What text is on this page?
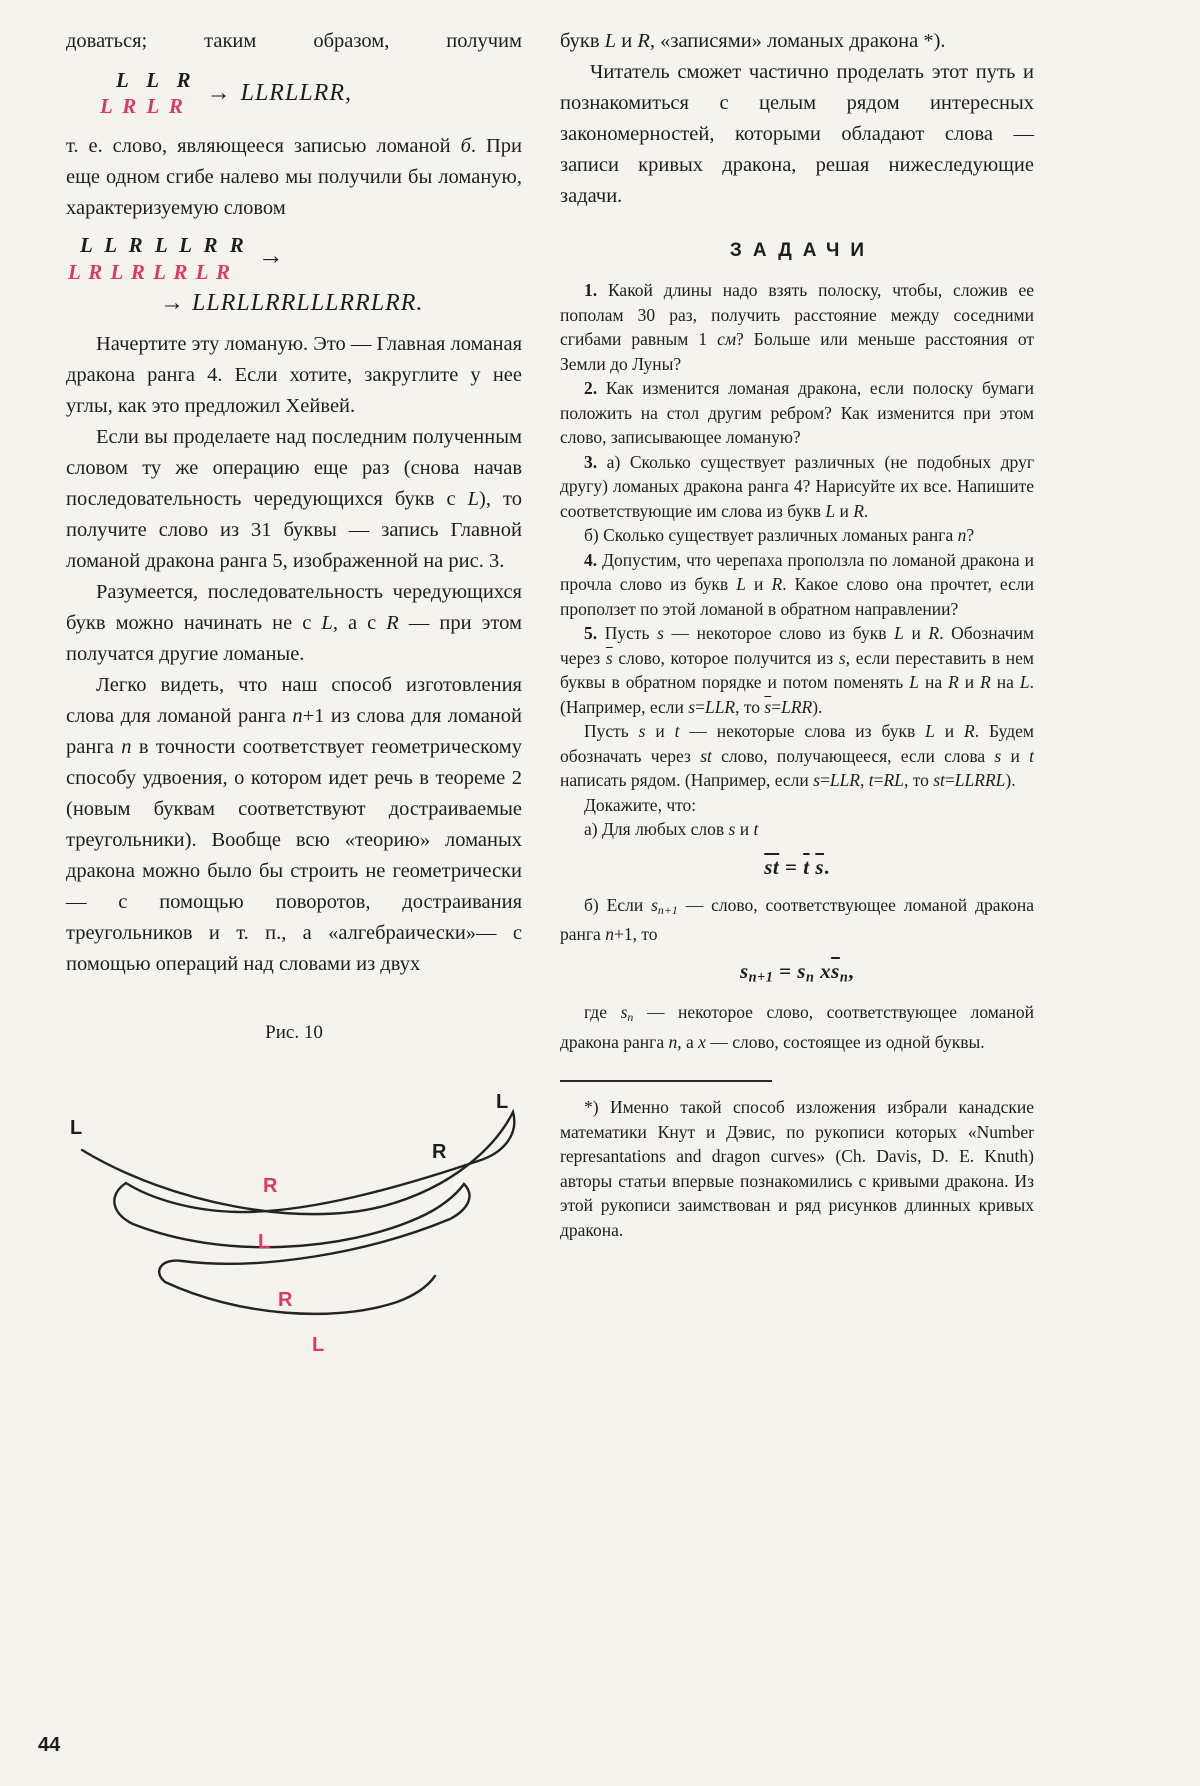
доваться; таким образом, получим

L L R
L R L R
→ LLRLLRR,

т. е. слово, являющееся записью ломаной б. При еще одном сгибе налево мы получили бы ломаную, характеризуемую словом

L L R L L R R
L R L R L R L R
→
→ LLRLLRRLLLRRLRR.

Начертите эту ломаную. Это — Главная ломаная дракона ранга 4. Если хотите, закруглите у нее углы, как это предложил Хейвей.

Если вы проделаете над последним полученным словом ту же операцию еще раз (снова начав последовательность чередующихся букв с L), то получите слово из 31 буквы — запись Главной ломаной дракона ранга 5, изображенной на рис. 3.

Разумеется, последовательность чередующихся букв можно начинать не с L, а с R — при этом получатся другие ломаные.

Легко видеть, что наш способ изготовления слова для ломаной ранга n+1 из слова для ломаной ранга n в точности соответствует геометрическому способу удвоения, о котором идет речь в теореме 2 (новым буквам соответствуют достраиваемые треугольники). Вообще всю «теорию» ломаных дракона можно было бы строить не геометрически — с помощью поворотов, достраивания треугольников и т. п., а «алгебраически»— с помощью операций над словами из двух

Рис. 10
L
L
R
R
L
R
L

букв L и R, «записями» ломаных дракона *).

Читатель сможет частично проделать этот путь и познакомиться с целым рядом интересных закономерностей, которыми обладают слова — записи кривых дракона, решая нижеследующие задачи.

ЗАДАЧИ

1. Какой длины надо взять полоску, чтобы, сложив ее пополам 30 раз, получить расстояние между соседними сгибами равным 1 см? Больше или меньше расстояния от Земли до Луны?

2. Как изменится ломаная дракона, если полоску бумаги положить на стол другим ребром? Как изменится при этом слово, записывающее ломаную?

3. а) Сколько существует различных (не подобных друг другу) ломаных дракона ранга 4? Нарисуйте их все. Напишите соответствующие им слова из букв L и R.

б) Сколько существует различных ломаных ранга n?

4. Допустим, что черепаха проползла по ломаной дракона и прочла слово из букв L и R. Какое слово она прочтет, если проползет по этой ломаной в обратном направлении?

5. Пусть s — некоторое слово из букв L и R. Обозначим через $\overline{s}$ слово, которое получится из s, если переставить в нем буквы в обратном порядке и потом поменять L на R и R на L. (Например, если s=LLR, то $\overline{s}=LRR$).

Пусть s и t — некоторые слова из букв L и R. Будем обозначать через st слово, получающееся, если слова s и t написать рядом. (Например, если s=LLR, t=RL, то st=LLRRL).

Докажите, что:

а) Для любых слов s и t

$\overline{st} = \overline{t}$ $\overline{s}$.

б) Если sn+1 — слово, соответствующее ломаной дракона ранга n+1, то

sn+1 = sn $x\overline{s}n$,

где sn — некоторое слово, соответствующее ломаной дракона ранга n, а x — слово, состоящее из одной буквы.

*) Именно такой способ изложения избрали канадские математики Кнут и Дэвис, по рукописи которых «Number represantations and dragon curves» (Ch. Davis, D. E. Knuth) авторы статьи впервые познакомились с кривыми дракона. Из этой рукописи заимствован и ряд рисунков длинных кривых дракона.

44
